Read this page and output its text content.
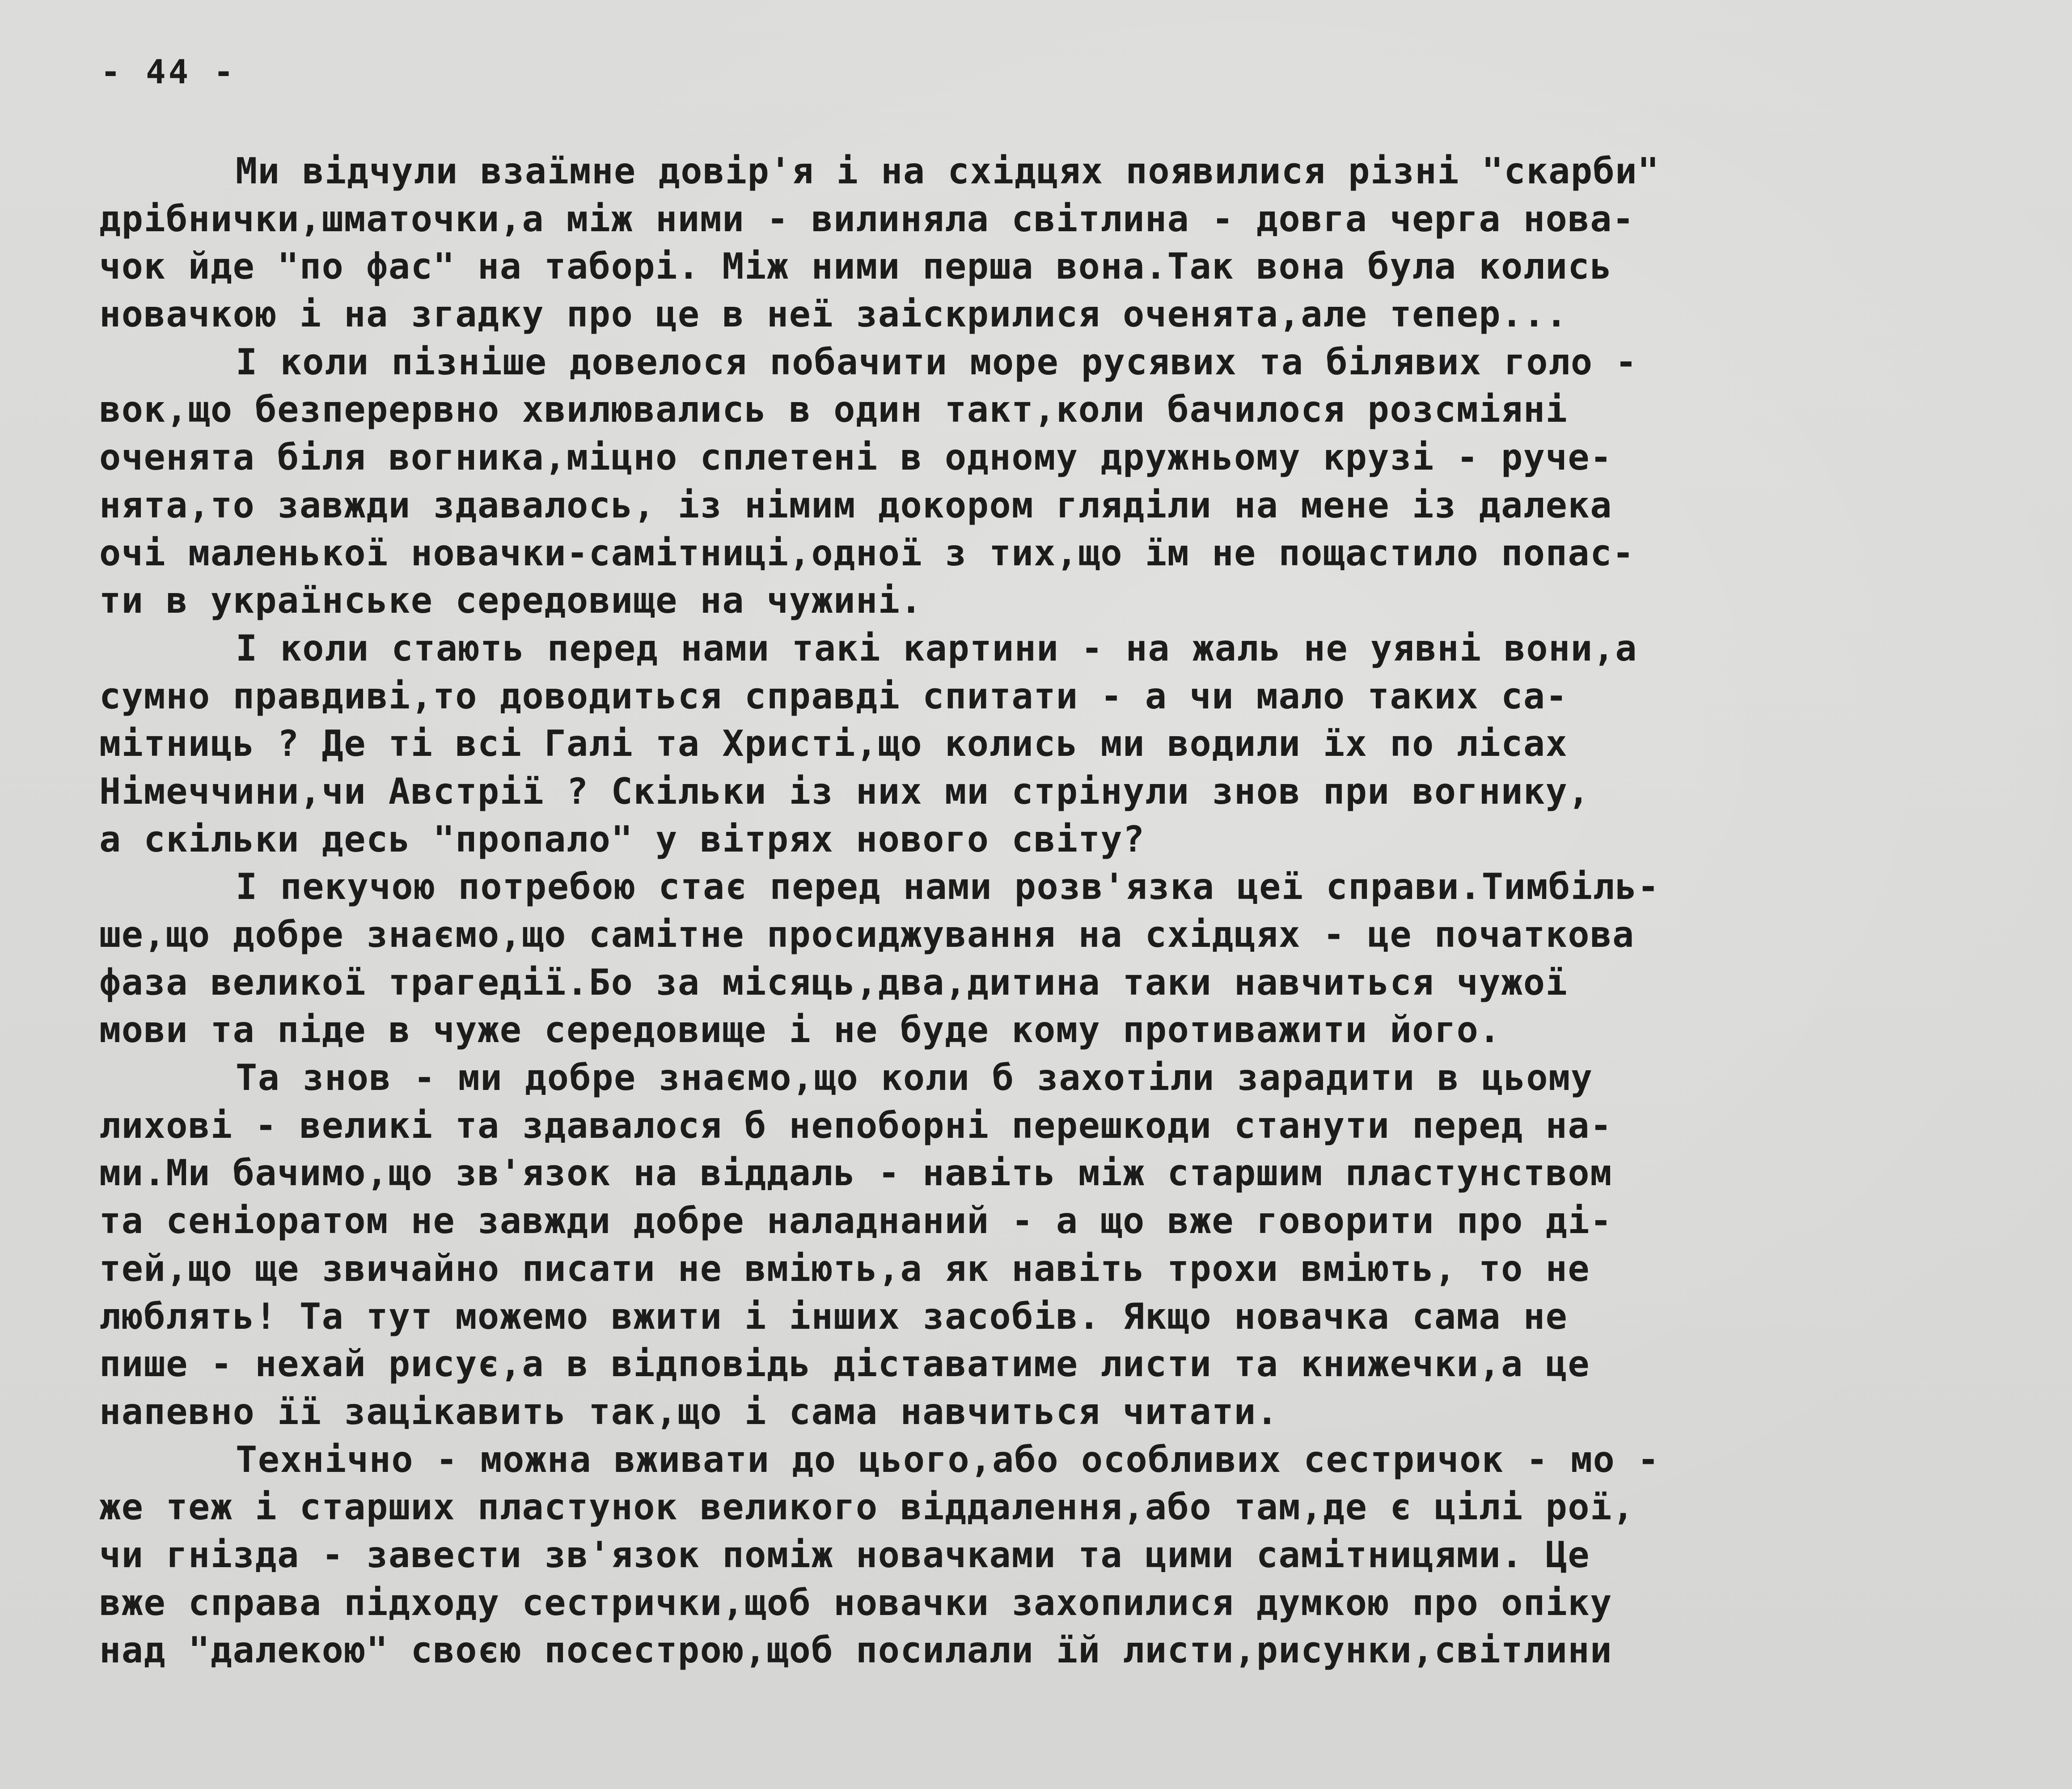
- 44 -
Ми відчули взаїмне довір'я і на східцях появилися різні "скарби"
дрібнички,шматочки,а між ними - вилиняла світлина - довга черга нова-
чок йде "по фас" на таборі. Між ними перша вона.Так вона була колись
новачкою і на згадку про це в неї заіскрилися оченята,але тепер...
І коли пізніше довелося побачити море русявих та білявих голо -
вок,що безперервно хвилювались в один такт,коли бачилося розсміяні
оченята біля вогника,міцно сплетені в одному дружньому крузі - руче-
нята,то завжди здавалось, із німим докором гляділи на мене із далека
очі маленької новачки-самітниці,одної з тих,що їм не пощастило попас-
ти в українське середовище на чужині.
І коли стають перед нами такі картини - на жаль не уявні вони,а
сумно правдиві,то доводиться справді спитати - а чи мало таких са-
мітниць ? Де ті всі Галі та Христі,що колись ми водили їх по лісах
Німеччини,чи Австрії ? Скільки із них ми стрінули знов при вогнику,
а скільки десь "пропало" у вітрях нового світу?
І пекучою потребою стає перед нами розв'язка цеї справи.Тимбіль-
ше,що добре знаємо,що самітне просиджування на східцях - це початкова
фаза великої трагедії.Бо за місяць,два,дитина таки навчиться чужої
мови та піде в чуже середовище і не буде кому противажити його.
Та знов - ми добре знаємо,що коли б захотіли зарадити в цьому
лихові - великі та здавалося б непоборні перешкоди станути перед на-
ми.Ми бачимо,що зв'язок на віддаль - навіть між старшим пластунством
та сеніоратом не завжди добре наладнаний - а що вже говорити про ді-
тей,що ще звичайно писати не вміють,а як навіть трохи вміють, то не
люблять! Та тут можемо вжити і інших засобів. Якщо новачка сама не
пише - нехай рисує,а в відповідь діставатиме листи та книжечки,а це
напевно її зацікавить так,що і сама навчиться читати.
Технічно - можна вживати до цього,або особливих сестричок - мо -
же теж і старших пластунок великого віддалення,або там,де є цілі рої,
чи гнізда - завести зв'язок поміж новачками та цими самітницями. Це
вже справа підходу сестрички,щоб новачки захопилися думкою про опіку
над "далекою" своєю посестрою,щоб посилали їй листи,рисунки,світлини
